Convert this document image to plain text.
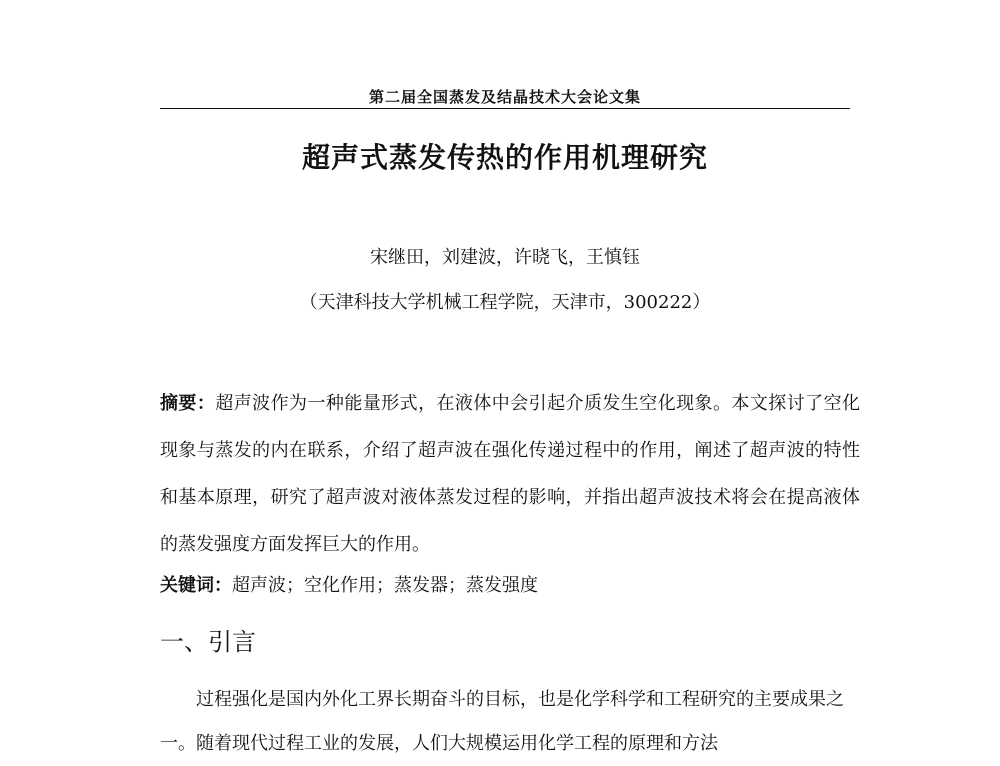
第二届全国蒸发及结晶技术大会论文集
超声式蒸发传热的作用机理研究
宋继田，刘建波，许晓飞，王慎钰
（天津科技大学机械工程学院，天津市，300222）
摘要：超声波作为一种能量形式，在液体中会引起介质发生空化现象。本文探讨了空化现象与蒸发的内在联系，介绍了超声波在强化传递过程中的作用，阐述了超声波的特性和基本原理，研究了超声波对液体蒸发过程的影响，并指出超声波技术将会在提高液体的蒸发强度方面发挥巨大的作用。
关键词：超声波；空化作用；蒸发器；蒸发强度
一、引言
过程强化是国内外化工界长期奋斗的目标，也是化学科学和工程研究的主要成果之一。随着现代过程工业的发展，人们大规模运用化学工程的原理和方法
